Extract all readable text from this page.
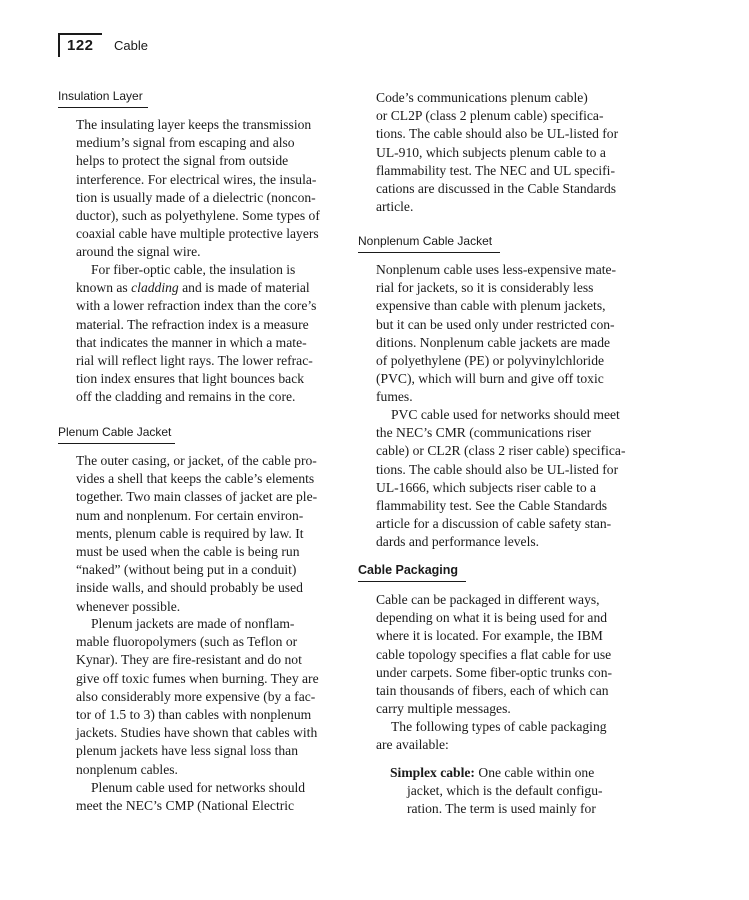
122 Cable
Insulation Layer

The insulating layer keeps the transmission
medium’s signal from escaping and also
helps to protect the signal from outside
interference. For electrical wires, the insula-
tion is usually made of a dielectric (noncon-
ductor), such as polyethylene. Some types of
coaxial cable have multiple protective layers
around the signal wire.

For fiber-optic cable, the insulation is
known as cladding and is made of material
with a lower refraction index than the core’s
material. The refraction index is a measure
that indicates the manner in which a mate-
rial will reflect light rays. The lower refrac-
tion index ensures that light bounces back
off the cladding and remains in the core.

Plenum Cable Jacket

The outer casing, or jacket, of the cable pro-
vides a shell that keeps the cable’s elements
together. Two main classes of jacket are ple-
num and nonplenum. For certain environ-
ments, plenum cable is required by law. It
must be used when the cable is being run
“naked” (without being put in a conduit)
inside walls, and should probably be used
whenever possible.

Plenum jackets are made of nonflam-
mable fluoropolymers (such as Teflon or
Kynar). They are fire-resistant and do not
give off toxic fumes when burning. They are
also considerably more expensive (by a fac-
tor of 1.5 to 3) than cables with nonplenum
jackets. Studies have shown that cables with
plenum jackets have less signal loss than
nonplenum cables.

Plenum cable used for networks should
meet the NEC’s CMP (National Electric

Code’s communications plenum cable)
or CL2P (class 2 plenum cable) specifica-
tions. The cable should also be UL-listed for
UL-910, which subjects plenum cable to a
flammability test. The NEC and UL specifi-
cations are discussed in the Cable Standards
article.

Nonplenum Cable Jacket

Nonplenum cable uses less-expensive mate-
rial for jackets, so it is considerably less
expensive than cable with plenum jackets,
but it can be used only under restricted con-
ditions. Nonplenum cable jackets are made
of polyethylene (PE) or polyvinylchloride
(PVC), which will burn and give off toxic
fumes.

PVC cable used for networks should meet
the NEC’s CMR (communications riser
cable) or CL2R (class 2 riser cable) specifica-
tions. The cable should also be UL-listed for
UL-1666, which subjects riser cable to a
flammability test. See the Cable Standards
article for a discussion of cable safety stan-
dards and performance levels.

Cable Packaging

Cable can be packaged in different ways,
depending on what it is being used for and
where it is located. For example, the IBM
cable topology specifies a flat cable for use
under carpets. Some fiber-optic trunks con-
tain thousands of fibers, each of which can
carry multiple messages.

The following types of cable packaging
are available:

Simplex cable: One cable within one
jacket, which is the default configu-
ration. The term is used mainly for
